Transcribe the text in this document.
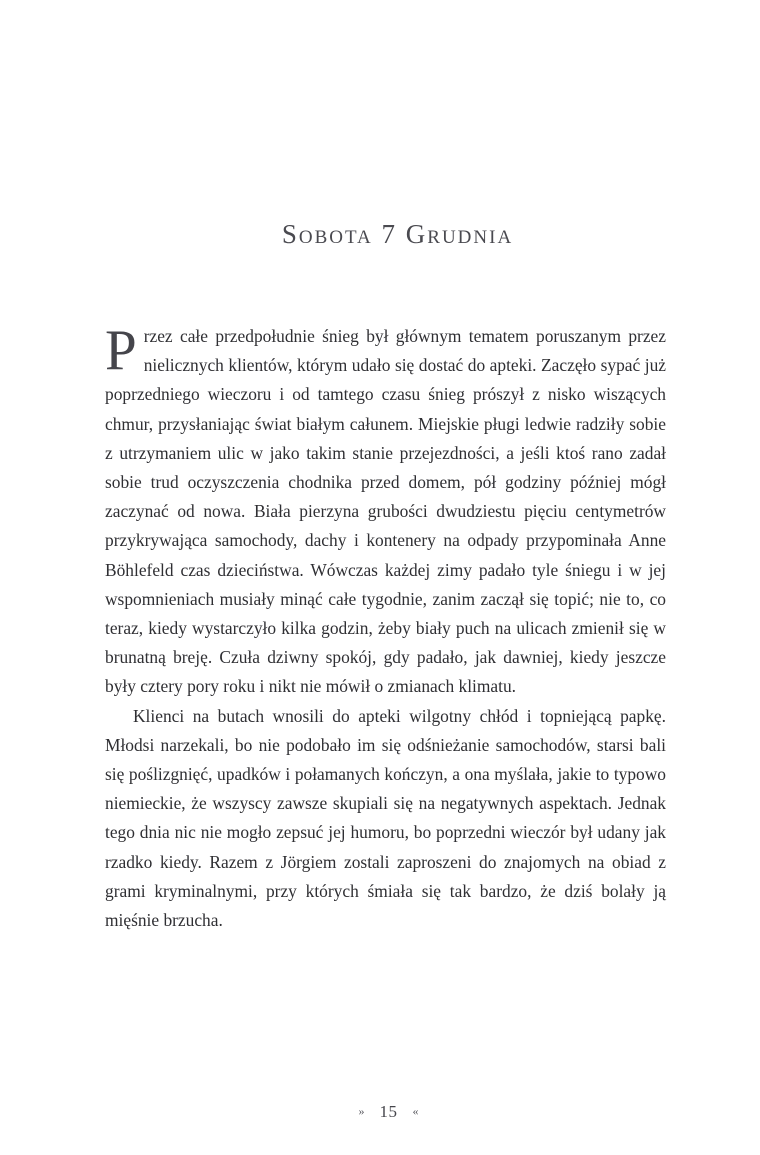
Sobota 7 Grudnia

Przez całe przedpołudnie śnieg był głównym tematem poruszanym przez nielicznych klientów, którym udało się dostać do apteki. Zaczęło sypać już poprzedniego wieczoru i od tamtego czasu śnieg prószył z nisko wiszących chmur, przysłaniając świat białym całunem. Miejskie pługi ledwie radziły sobie z utrzymaniem ulic w jako takim stanie przejezdności, a jeśli ktoś rano zadał sobie trud oczyszczenia chodnika przed domem, pół godziny później mógł zaczynać od nowa. Biała pierzyna grubości dwudziestu pięciu centymetrów przykrywająca samochody, dachy i kontenery na odpady przypominała Anne Böhlefeld czas dzieciństwa. Wówczas każdej zimy padało tyle śniegu i w jej wspomnieniach musiały minąć całe tygodnie, zanim zaczął się topić; nie to, co teraz, kiedy wystarczyło kilka godzin, żeby biały puch na ulicach zmienił się w brunatną breję. Czuła dziwny spokój, gdy padało, jak dawniej, kiedy jeszcze były cztery pory roku i nikt nie mówił o zmianach klimatu.

Klienci na butach wnosili do apteki wilgotny chłód i topniejącą papkę. Młodsi narzekali, bo nie podobało im się odśnieżanie samochodów, starsi bali się poślizgnięć, upadków i połamanych kończyn, a ona myślała, jakie to typowo niemieckie, że wszyscy zawsze skupiali się na negatywnych aspektach. Jednak tego dnia nic nie mogło zepsuć jej humoru, bo poprzedni wieczór był udany jak rzadko kiedy. Razem z Jörgiem zostali zaproszeni do znajomych na obiad z grami kryminalnymi, przy których śmiała się tak bardzo, że dziś bolały ją mięśnie brzucha.

» 15 «
